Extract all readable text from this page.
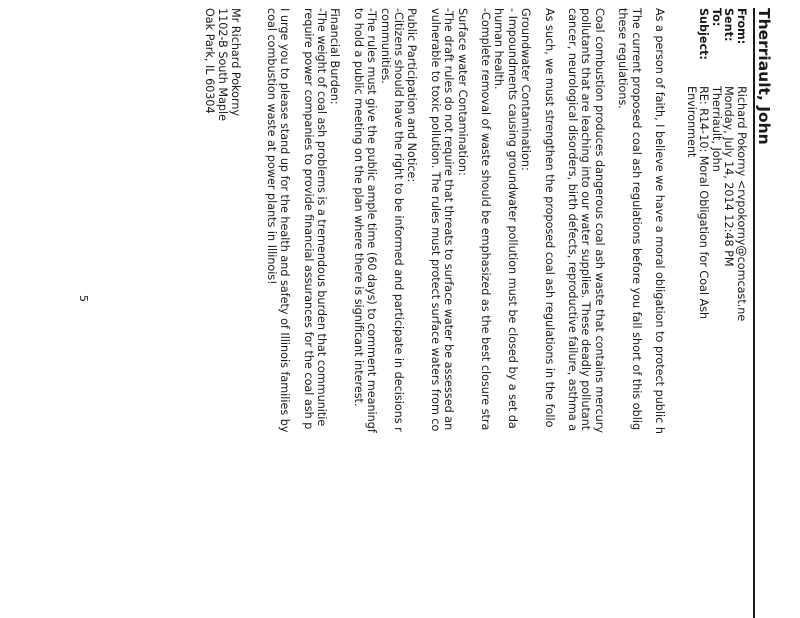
Therriault, John
From:
Richard Pokorny <rvpokorny@comcast.ne
Sent:
Monday, July 14, 2014 12:48 PM
To:
Therriault, John
Subject:
RE: R14-10: Moral Obligation for Coal Ash
Environment
As a person of faith, I believe we have a moral obligation to protect public h
The current proposed coal ash regulations before you fall short of this oblig
these regulations.
Coal combustion produces dangerous coal ash waste that contains mercury
pollutants that are leaching into our water supplies. These deadly pollutant
cancer, neurological disorders, birth defects, reproductive failure, asthma a
As such, we must strengthen the proposed coal ash regulations in the follo
Groundwater Contamination:
- Impoundments causing groundwater pollution must be closed by a set da
human health.
-Complete removal of waste should be emphasized as the best closure stra
Surface water Contamination:
-The draft rules do not require that threats to surface water be assessed an
vulnerable to toxic pollution. The rules must protect surface waters from co
Public Participation and Notice:
-Citizens should have the right to be informed and participate in decisions r
communities.
-The rules must give the public ample time (60 days) to comment meaningf
to hold a public meeting on the plan where there is significant interest.
Financial Burden:
-The weight of coal ash problems is a tremendous burden that communitie
require power companies to provide financial assurances for the coal ash p
I urge you to please stand up for the health and safety of Illinois families by
coal combustion waste at power plants in Illinois!
Mr Richard Pokorny
1102-B South Maple
Oak Park, IL 60304
5
